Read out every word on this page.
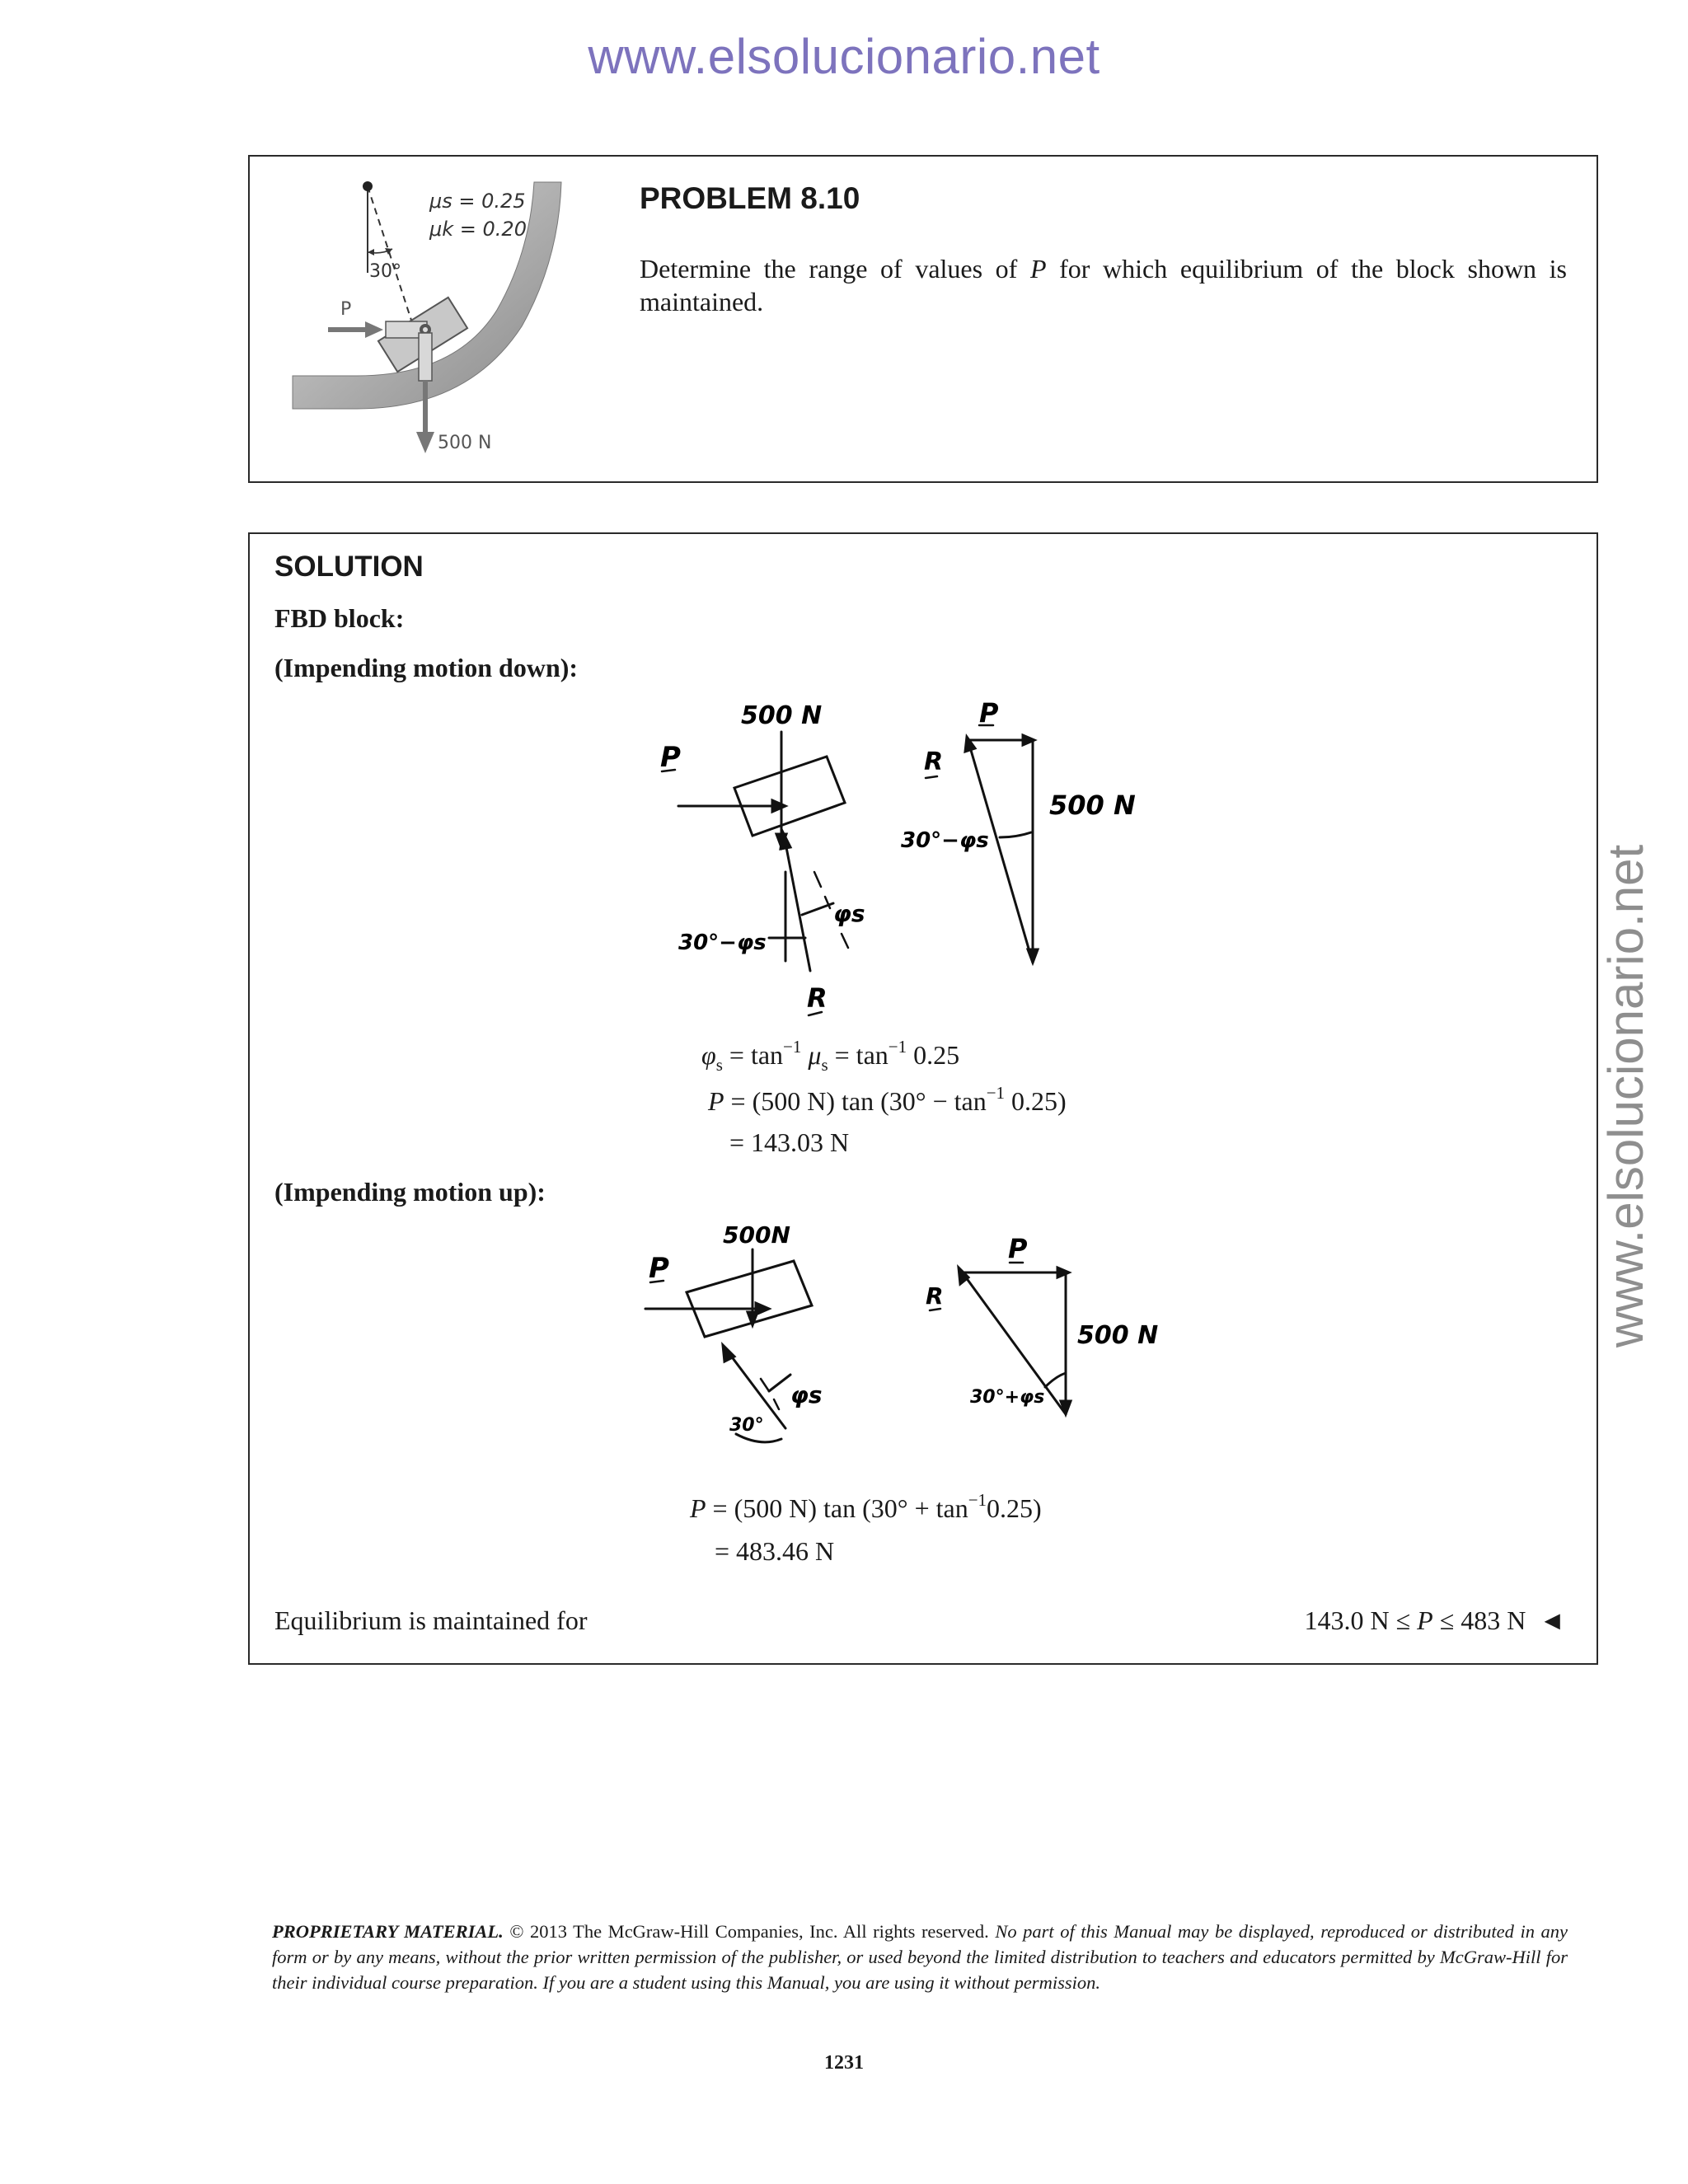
www.elsolucionario.net
www.elsolucionario.net
μs = 0.25
μk = 0.20
30°
P
500 N
PROBLEM 8.10
Determine the range of values of P for which equilibrium of the block shown is maintained.
SOLUTION
FBD block:
(Impending motion down):
500 N
P
R
φs
30°−φs
P
R
500 N
30°−φs
$\varphi_s = \tan^{-1} \mu_s = \tan^{-1} 0.25$
P = (500 N) $\tan (30^\circ - \tan^{-1} 0.25)$
= 143.03 N
(Impending motion up):
500N
P
φs
30°
P
R
500 N
30°+φs
P = (500 N) $\tan (30^\circ + \tan^{-1}0.25)$
= 483.46 N
Equilibrium is maintained for	143.0 N ≤ P ≤ 483 N ◄
PROPRIETARY MATERIAL. © 2013 The McGraw-Hill Companies, Inc. All rights reserved. No part of this Manual may be displayed, reproduced or distributed in any form or by any means, without the prior written permission of the publisher, or used beyond the limited distribution to teachers and educators permitted by McGraw-Hill for their individual course preparation. If you are a student using this Manual, you are using it without permission.
1231
